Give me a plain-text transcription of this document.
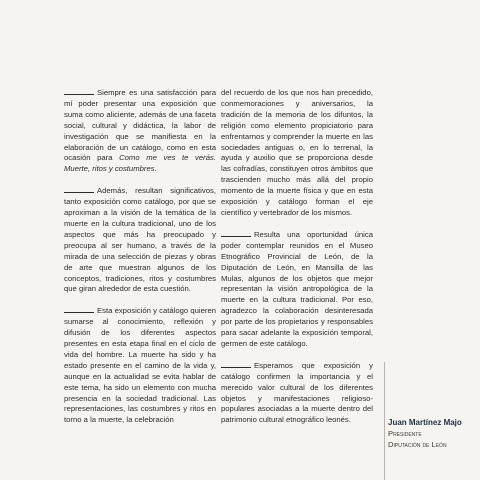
Siempre es una satisfacción para mí poder presentar una exposición que suma como aliciente, además de una faceta social, cultural y didáctica, la labor de investigación que se manifiesta en la elaboración de un catálogo, como en esta ocasión para Como me ves te verás. Muerte, ritos y costumbres.

Además, resultan significativos, tanto exposición como catálogo, por que se aproximan a la visión de la temática de la muerte en la cultura tradicional, uno de los aspectos que más ha preocupado y preocupa al ser humano, a través de la mirada de una selección de piezas y obras de arte que muestran algunos de los conceptos, tradiciones, ritos y costumbres que giran alrededor de esta cuestión.

Esta exposición y catálogo quieren sumarse al conocimiento, reflexión y difusión de los diferentes aspectos presentes en esta etapa final en el ciclo de vida del hombre. La muerte ha sido y ha estado presente en el camino de la vida y, aunque en la actualidad se evita hablar de este tema, ha sido un elemento con mucha presencia en la sociedad tradicional. Las representaciones, las costumbres y ritos en torno a la muerte, la celebración

del recuerdo de los que nos han precedido, conmemoraciones y aniversarios, la tradición de la memoria de los difuntos, la religión como elemento propiciatorio para enfrentarnos y comprender la muerte en las sociedades antiguas o, en lo terrenal, la ayuda y auxilio que se proporciona desde las cofradías, constituyen otros ámbitos que trascienden mucho más allá del propio momento de la muerte física y que en esta exposición y catálogo forman el eje científico y vertebrador de los mismos.

Resulta una oportunidad única poder contemplar reunidos en el Museo Etnográfico Provincial de León, de la Diputación de León, en Mansilla de las Mulas, algunos de los objetos que mejor representan la visión antropológica de la muerte en la cultura tradicional. Por eso, agradezco la colaboración desinteresada por parte de los propietarios y responsables para sacar adelante la exposición temporal, germen de este catálogo.

Esperamos que exposición y catálogo confirmen la importancia y el merecido valor cultural de los diferentes objetos y manifestaciones religioso-populares asociadas a la muerte dentro del patrimonio cultural etnográfico leonés.	Juan Martínez Majo
Presidente
Diputación de León
